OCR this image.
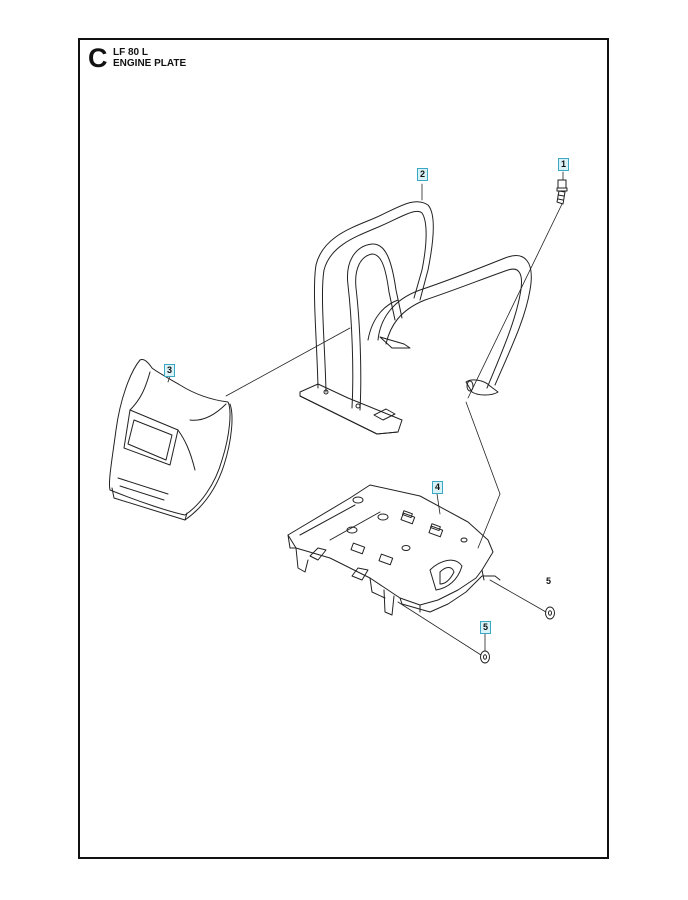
C LF 80 L
ENGINE PLATE
1
2
3
4
5
5
